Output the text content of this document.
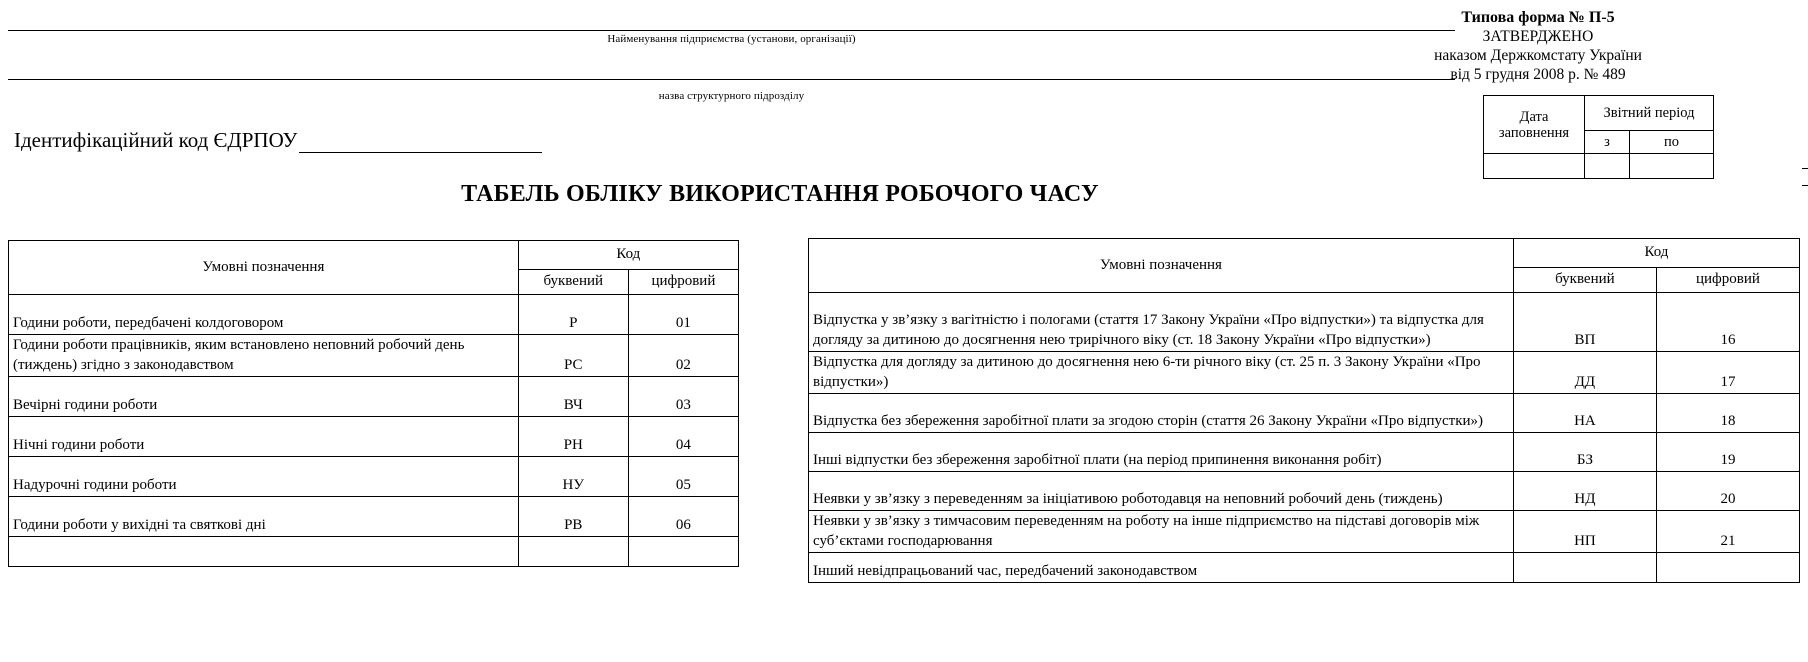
Найменування підприємства (установи, організації)
назва структурного підрозділу
Ідентифікаційний код ЄДРПОУ
Типова форма № П-5
ЗАТВЕРДЖЕНО
наказом Держкомстату України
від 5 грудня 2008 р. № 489
Дата заповнення	Звітний період	
	з	по

ТАБЕЛЬ ОБЛІКУ ВИКОРИСТАННЯ РОБОЧОГО ЧАСУ
Умовні позначення	Код	
	буквений	цифровий
Години роботи, передбачені колдоговором	Р	01
Години роботи працівників, яким встановлено неповний робочий день (тиждень) згідно з законодавством	РС	02
Вечірні години роботи	ВЧ	03
Нічні години роботи	РН	04
Надурочні години роботи	НУ	05
Години роботи у вихідні та святкові дні	РВ	06

Умовні позначення	Код	
	буквений	цифровий
Відпустка у зв’язку з вагітністю і пологами (стаття 17 Закону України «Про відпустки») та відпустка для догляду за дитиною до досягнення нею трирічного віку (ст. 18 Закону України «Про відпустки»)	ВП	16
Відпустка для догляду за дитиною до досягнення нею 6-ти річного віку (ст. 25 п. 3 Закону України «Про відпустки»)	ДД	17
Відпустка без збереження заробітної плати за згодою сторін (стаття 26 Закону України «Про відпустки»)	НА	18
Інші відпустки без збереження заробітної плати (на період припинення виконання робіт)	БЗ	19
Неявки у зв’язку з переведенням за ініціативою роботодавця на неповний робочий день (тиждень)	НД	20
Неявки у зв’язку з тимчасовим переведенням на роботу на інше підприємство на підставі договорів між суб’єктами господарювання	НП	21
Інший невідпрацьований час, передбачений законодавством		
